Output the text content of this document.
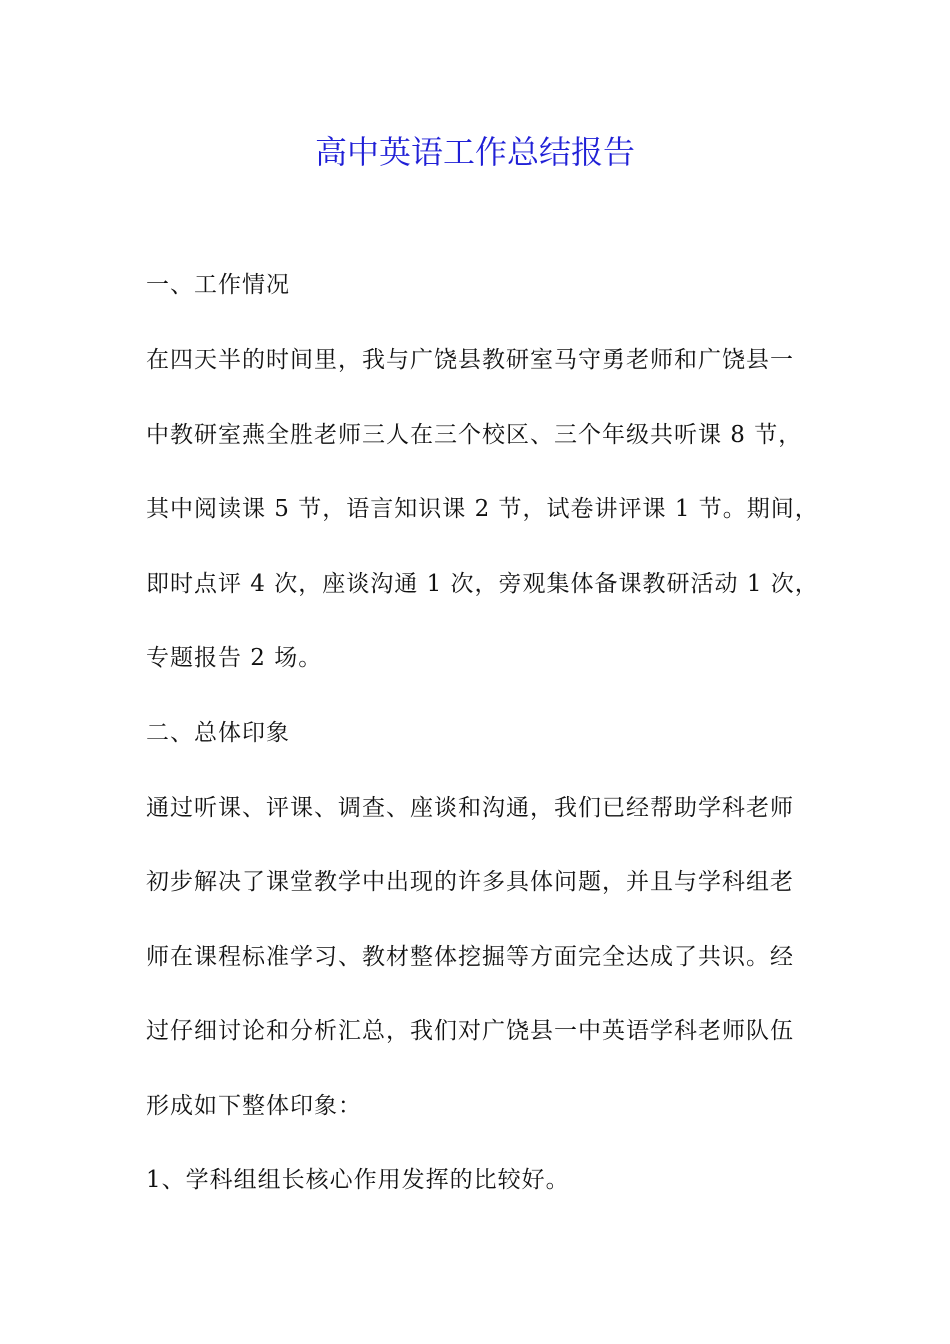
高中英语工作总结报告
一、工作情况
在四天半的时间里，我与广饶县教研室马守勇老师和广饶县一
中教研室燕全胜老师三人在三个校区、三个年级共听课 8 节，
其中阅读课 5 节，语言知识课 2 节，试卷讲评课 1 节。期间，
即时点评 4 次，座谈沟通 1 次，旁观集体备课教研活动 1 次，
专题报告 2 场。
二、总体印象
通过听课、评课、调查、座谈和沟通，我们已经帮助学科老师
初步解决了课堂教学中出现的许多具体问题，并且与学科组老
师在课程标准学习、教材整体挖掘等方面完全达成了共识。经
过仔细讨论和分析汇总，我们对广饶县一中英语学科老师队伍
形成如下整体印象：
1、学科组组长核心作用发挥的比较好。
